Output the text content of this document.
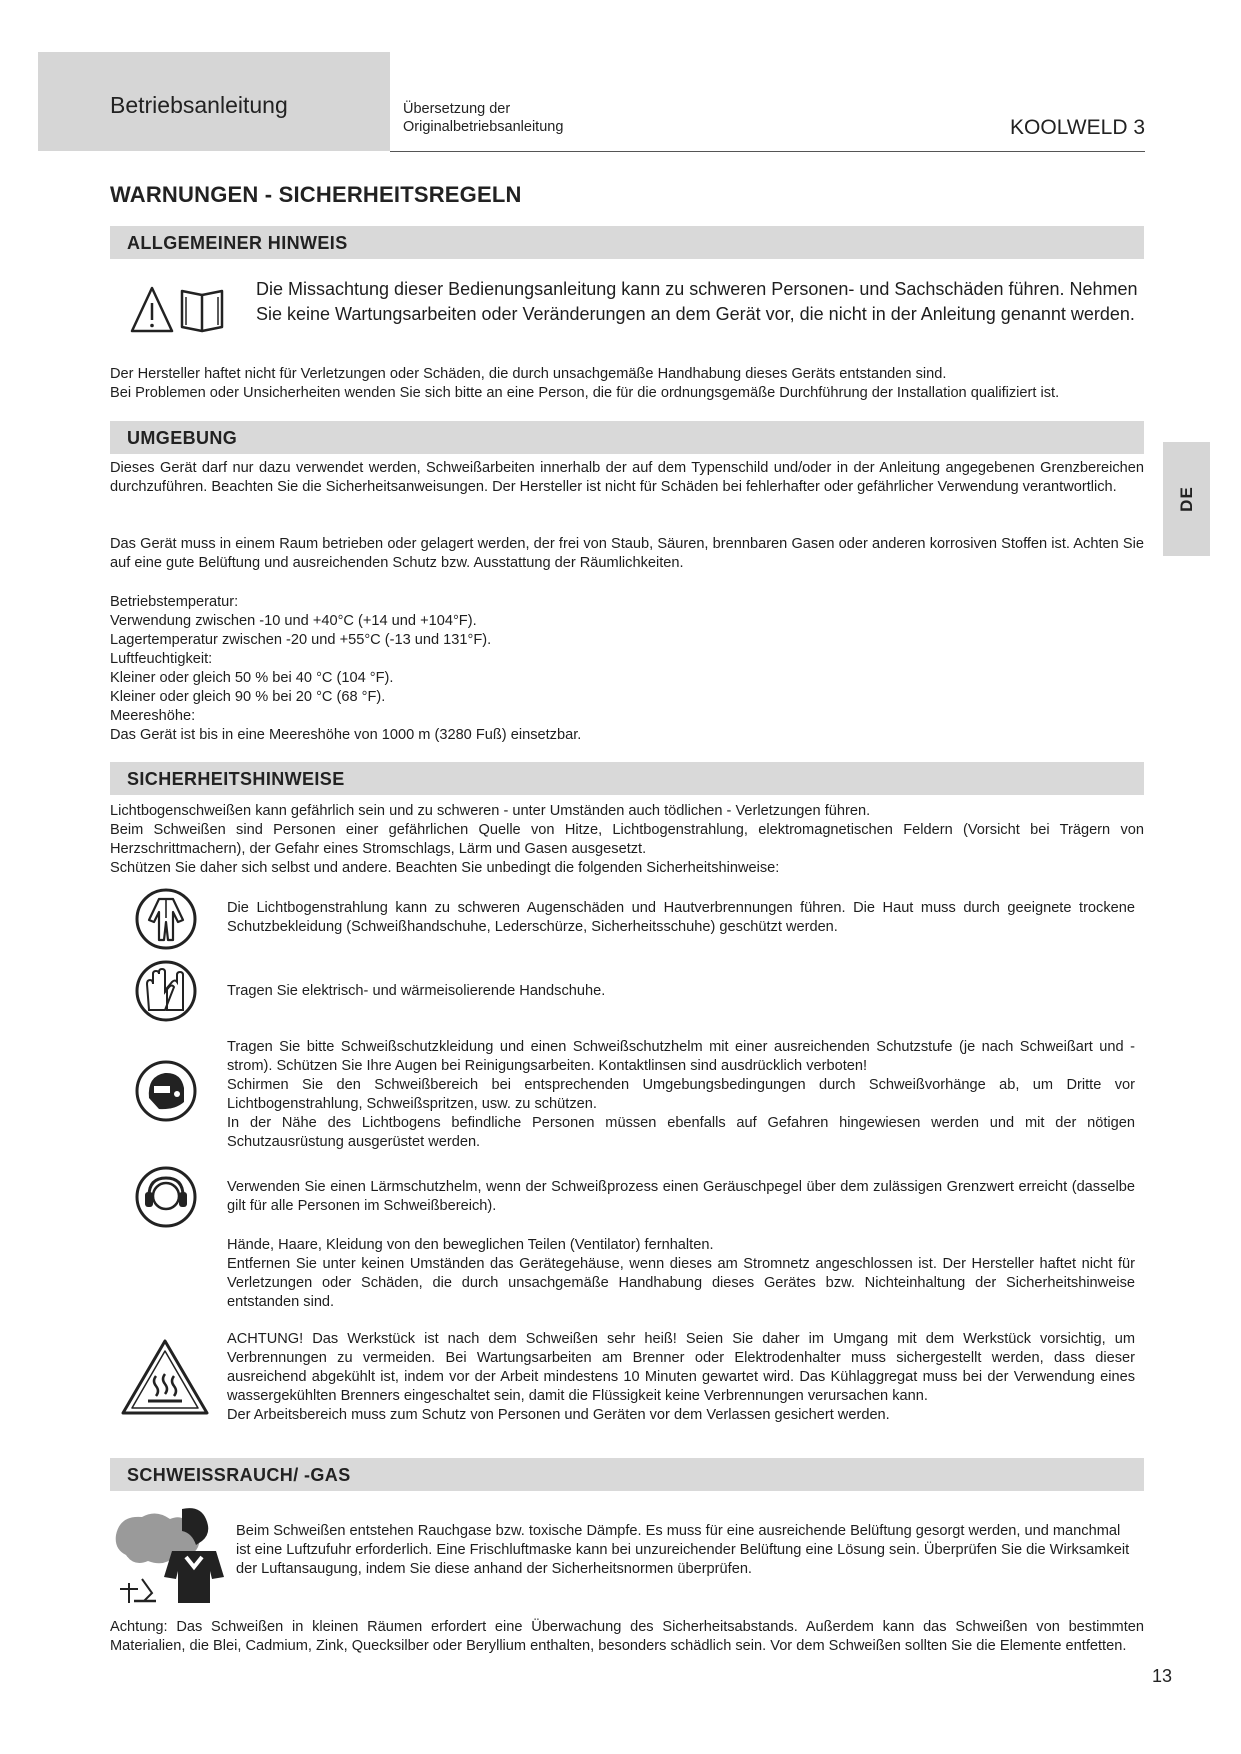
Betriebsanleitung	Übersetzung der
Originalbetriebsanleitung	KOOLWELD 3
DE
WARNUNGEN - SICHERHEITSREGELN
ALLGEMEINER HINWEIS
Die Missachtung dieser Bedienungsanleitung kann zu schweren Personen- und Sachschäden führen. Nehmen Sie keine Wartungsarbeiten oder Veränderungen an dem Gerät vor, die nicht in der Anleitung genannt werden.
Der Hersteller haftet nicht für Verletzungen oder Schäden, die durch unsachgemäße Handhabung dieses Geräts entstanden sind.
Bei Problemen oder Unsicherheiten wenden Sie sich bitte an eine Person, die für die ordnungsgemäße Durchführung der Installation qualifiziert ist.
UMGEBUNG
Dieses Gerät darf nur dazu verwendet werden, Schweißarbeiten innerhalb der auf dem Typenschild und/oder in der Anleitung angegebenen Grenzbereichen durchzuführen. Beachten Sie die Sicherheitsanweisungen. Der Hersteller ist nicht für Schäden bei fehlerhafter oder gefährlicher Verwendung verantwortlich.
Das Gerät muss in einem Raum betrieben oder gelagert werden, der frei von Staub, Säuren, brennbaren Gasen oder anderen korrosiven Stoffen ist. Achten Sie auf eine gute Belüftung und ausreichenden Schutz bzw. Ausstattung der Räumlichkeiten.
Betriebstemperatur:
Verwendung zwischen -10 und +40°C (+14 und +104°F).
Lagertemperatur zwischen -20 und +55°C (-13 und 131°F).
Luftfeuchtigkeit:
Kleiner oder gleich 50 % bei 40 °C (104 °F).
Kleiner oder gleich 90 % bei 20 °C (68 °F).
Meereshöhe:
Das Gerät ist bis in eine Meereshöhe von 1000 m (3280 Fuß) einsetzbar.
SICHERHEITSHINWEISE
Lichtbogenschweißen kann gefährlich sein und zu schweren - unter Umständen auch tödlichen - Verletzungen führen.
Beim Schweißen sind Personen einer gefährlichen Quelle von Hitze, Lichtbogenstrahlung, elektromagnetischen Feldern (Vorsicht bei Trägern von Herzschrittmachern), der Gefahr eines Stromschlags, Lärm und Gasen ausgesetzt.
Schützen Sie daher sich selbst und andere. Beachten Sie unbedingt die folgenden Sicherheitshinweise:
Die Lichtbogenstrahlung kann zu schweren Augenschäden und Hautverbrennungen führen. Die Haut muss durch geeignete trockene Schutzbekleidung (Schweißhandschuhe, Lederschürze, Sicherheitsschuhe) geschützt werden.
Tragen Sie elektrisch- und wärmeisolierende Handschuhe.
Tragen Sie bitte Schweißschutzkleidung und einen Schweißschutzhelm mit einer ausreichenden Schutzstufe (je nach Schweißart und -strom). Schützen Sie Ihre Augen bei Reinigungsarbeiten. Kontaktlinsen sind ausdrücklich verboten!
Schirmen Sie den Schweißbereich bei entsprechenden Umgebungsbedingungen durch Schweißvorhänge ab, um Dritte vor Lichtbogenstrahlung, Schweißspritzen, usw. zu schützen.
In der Nähe des Lichtbogens befindliche Personen müssen ebenfalls auf Gefahren hingewiesen werden und mit der nötigen Schutzausrüstung ausgerüstet werden.
Verwenden Sie einen Lärmschutzhelm, wenn der Schweißprozess einen Geräuschpegel über dem zulässigen Grenzwert erreicht (dasselbe gilt für alle Personen im Schweißbereich).
Hände, Haare, Kleidung von den beweglichen Teilen (Ventilator) fernhalten.
Entfernen Sie unter keinen Umständen das Gerätegehäuse, wenn dieses am Stromnetz angeschlossen ist. Der Hersteller haftet nicht für Verletzungen oder Schäden, die durch unsachgemäße Handhabung dieses Gerätes bzw. Nichteinhaltung der Sicherheitshinweise entstanden sind.
ACHTUNG! Das Werkstück ist nach dem Schweißen sehr heiß! Seien Sie daher im Umgang mit dem Werkstück vorsichtig, um Verbrennungen zu vermeiden. Bei Wartungsarbeiten am Brenner oder Elektrodenhalter muss sichergestellt werden, dass dieser ausreichend abgekühlt ist, indem vor der Arbeit mindestens 10 Minuten gewartet wird. Das Kühlaggregat muss bei der Verwendung eines wassergekühlten Brenners eingeschaltet sein, damit die Flüssigkeit keine Verbrennungen verursachen kann.
Der Arbeitsbereich muss zum Schutz von Personen und Geräten vor dem Verlassen gesichert werden.
SCHWEISSRAUCH/ -GAS
Beim Schweißen entstehen Rauchgase bzw. toxische Dämpfe. Es muss für eine ausreichende Belüftung gesorgt werden, und manchmal ist eine Luftzufuhr erforderlich. Eine Frischluftmaske kann bei unzureichender Belüftung eine Lösung sein. Überprüfen Sie die Wirksamkeit der Luftansaugung, indem Sie diese anhand der Sicherheitsnormen überprüfen.
Achtung: Das Schweißen in kleinen Räumen erfordert eine Überwachung des Sicherheitsabstands. Außerdem kann das Schweißen von bestimmten Materialien, die Blei, Cadmium, Zink, Quecksilber oder Beryllium enthalten, besonders schädlich sein. Vor dem Schweißen sollten Sie die Elemente entfetten.
13
